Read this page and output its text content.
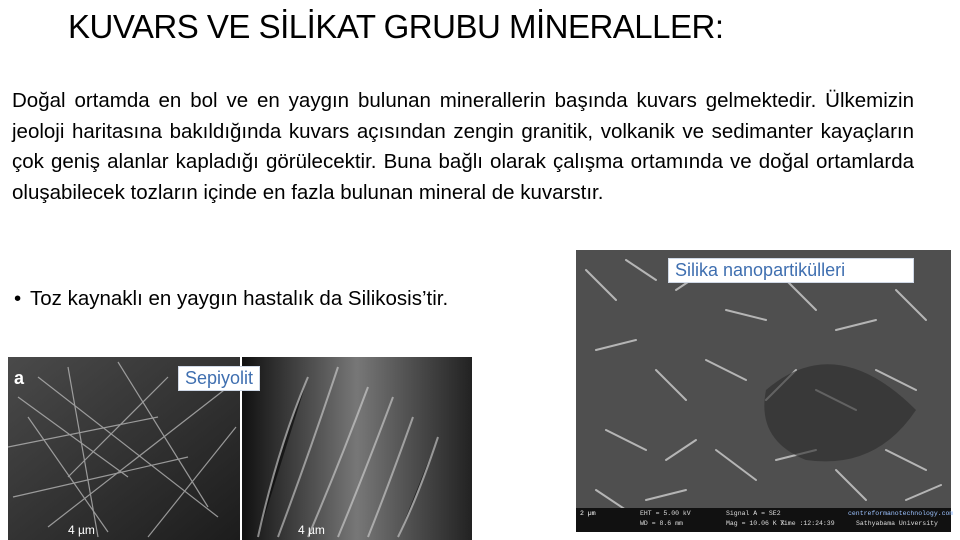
KUVARS VE SİLİKAT GRUBU MİNERALLER:

Doğal ortamda en bol ve en yaygın bulunan minerallerin başında kuvars gelmektedir. Ülkemizin jeoloji haritasına bakıldığında kuvars açısından zengin granitik, volkanik ve sedimanter kayaçların çok geniş alanlar kapladığı görülecektir. Buna bağlı olarak çalışma ortamında ve doğal ortamlarda oluşabilecek tozların içinde en fazla bulunan mineral de kuvarstır.

• Toz kaynaklı en yaygın hastalık da Silikosis’tir.

4 µm	4 µm
a	Sepiyolit
Silika nanopartikülleri
2 µm	EHT = 5.00 kV
WD = 8.6 mm
Signal A = SE2
Mag = 10.06 K X
Time :12:24:39
centreformanotechnology.com
Sathyabama University
